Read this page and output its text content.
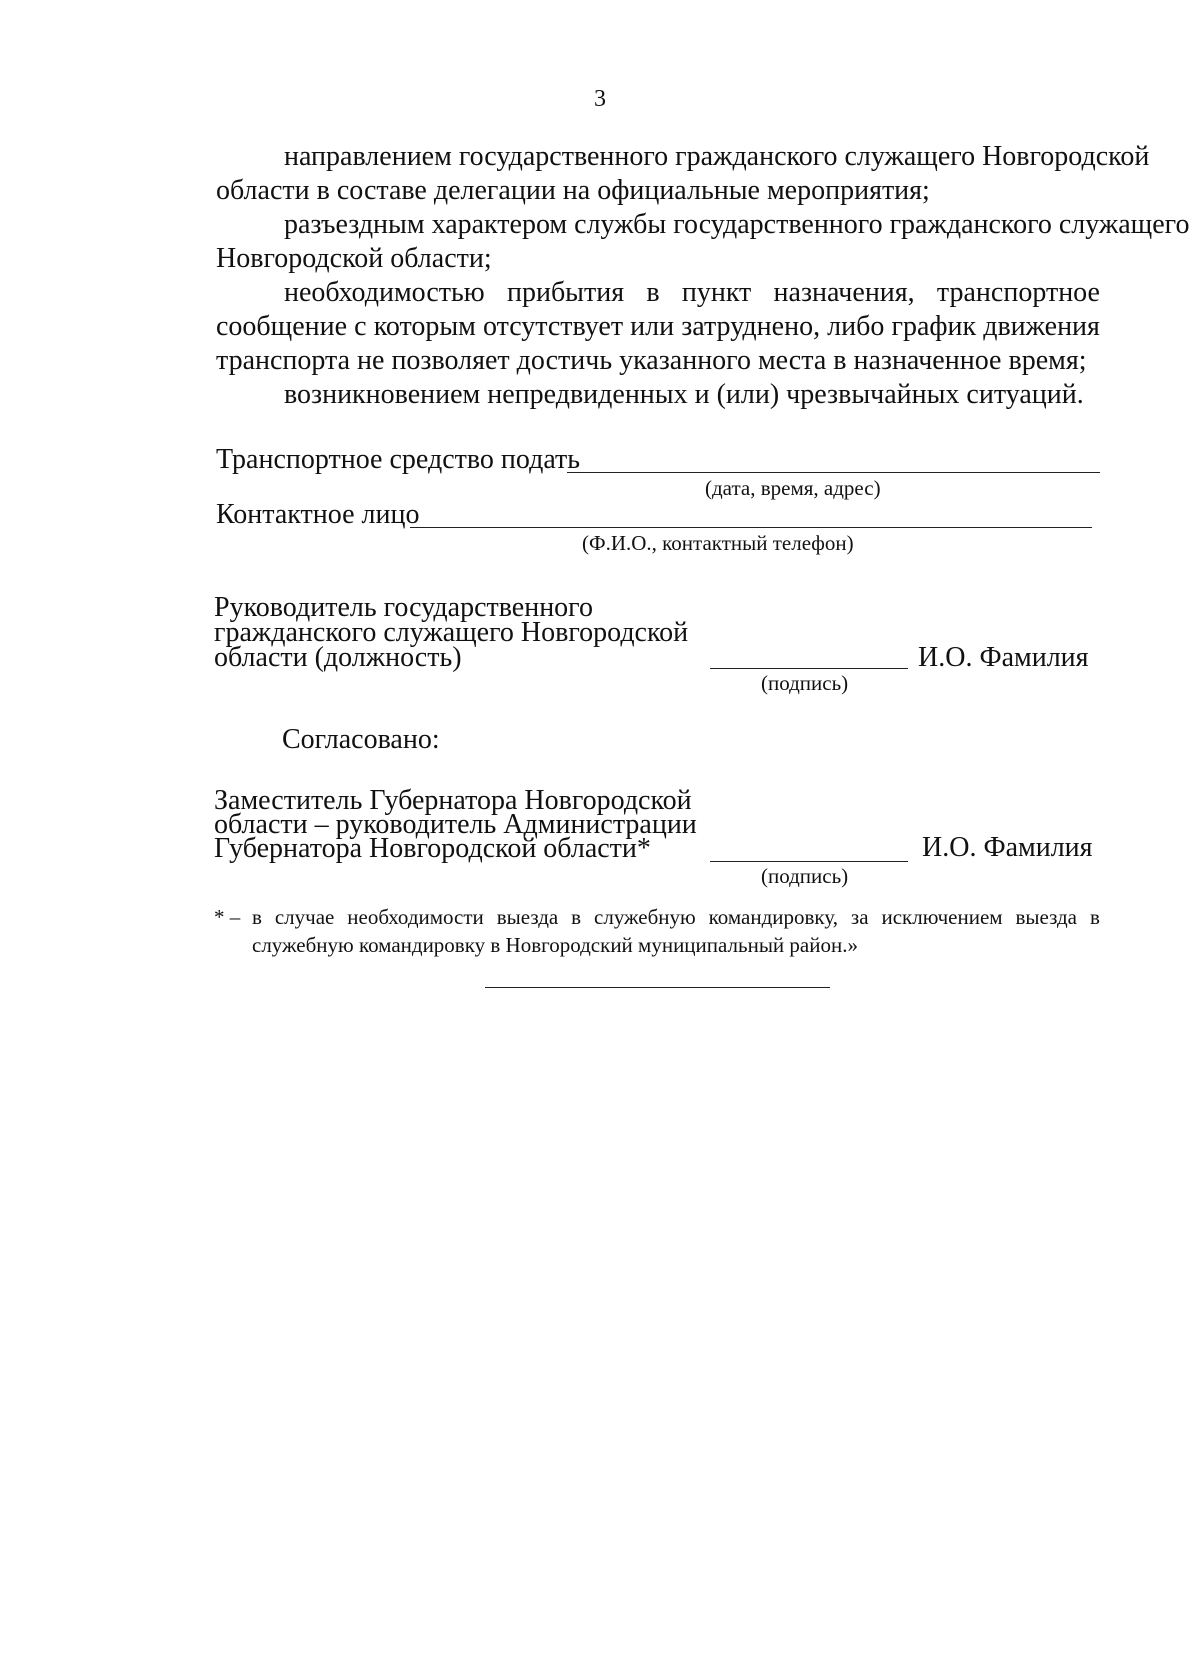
3
направлением государственного гражданского служащего Новгородской
области в составе делегации на официальные мероприятия;
разъездным характером службы государственного гражданского служащего
Новгородской области;
необходимостью прибытия в пункт назначения, транспортное
сообщение с которым отсутствует или затруднено, либо график движения
транспорта не позволяет достичь указанного места в назначенное время;
возникновением непредвиденных и (или) чрезвычайных ситуаций.
Транспортное средство подать
(дата, время, адрес)
Контактное лицо
(Ф.И.О., контактный телефон)
Руководитель государственного
гражданского служащего Новгородской
области (должность)
(подпись)
И.О. Фамилия
Согласовано:
Заместитель Губернатора Новгородской
области – руководитель Администрации
Губернатора Новгородской области*
(подпись)
И.О. Фамилия
* – в случае необходимости выезда в служебную командировку, за исключением выезда в
служебную командировку в Новгородский муниципальный район.»
